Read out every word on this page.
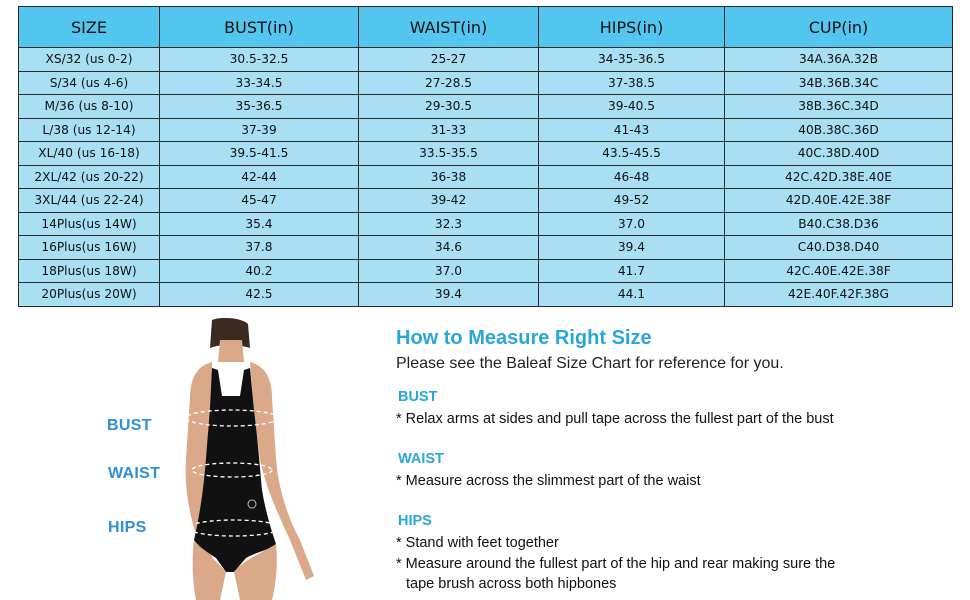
SIZE	BUST(in)	WAIST(in)	HIPS(in)	CUP(in)
XS/32 (us 0-2)	30.5-32.5	25-27	34-35-36.5	34A.36A.32B
S/34 (us 4-6)	33-34.5	27-28.5	37-38.5	34B.36B.34C
M/36 (us 8-10)	35-36.5	29-30.5	39-40.5	38B.36C.34D
L/38 (us 12-14)	37-39	31-33	41-43	40B.38C.36D
XL/40 (us 16-18)	39.5-41.5	33.5-35.5	43.5-45.5	40C.38D.40D
2XL/42 (us 20-22)	42-44	36-38	46-48	42C.42D.38E.40E
3XL/44 (us 22-24)	45-47	39-42	49-52	42D.40E.42E.38F
14Plus(us 14W)	35.4	32.3	37.0	B40.C38.D36
16Plus(us 16W)	37.8	34.6	39.4	C40.D38.D40
18Plus(us 18W)	40.2	37.0	41.7	42C.40E.42E.38F
20Plus(us 20W)	42.5	39.4	44.1	42E.40F.42F.38G
BUST
WAIST
HIPS
How to Measure Right Size

Please see the Baleaf Size Chart for reference for you.

BUST

* Relax arms at sides and pull tape across the fullest part of the bust

WAIST

* Measure across the slimmest part of the waist

HIPS

* Stand with feet together

* Measure around the fullest part of the hip and rear making sure the

tape brush across both hipbones
